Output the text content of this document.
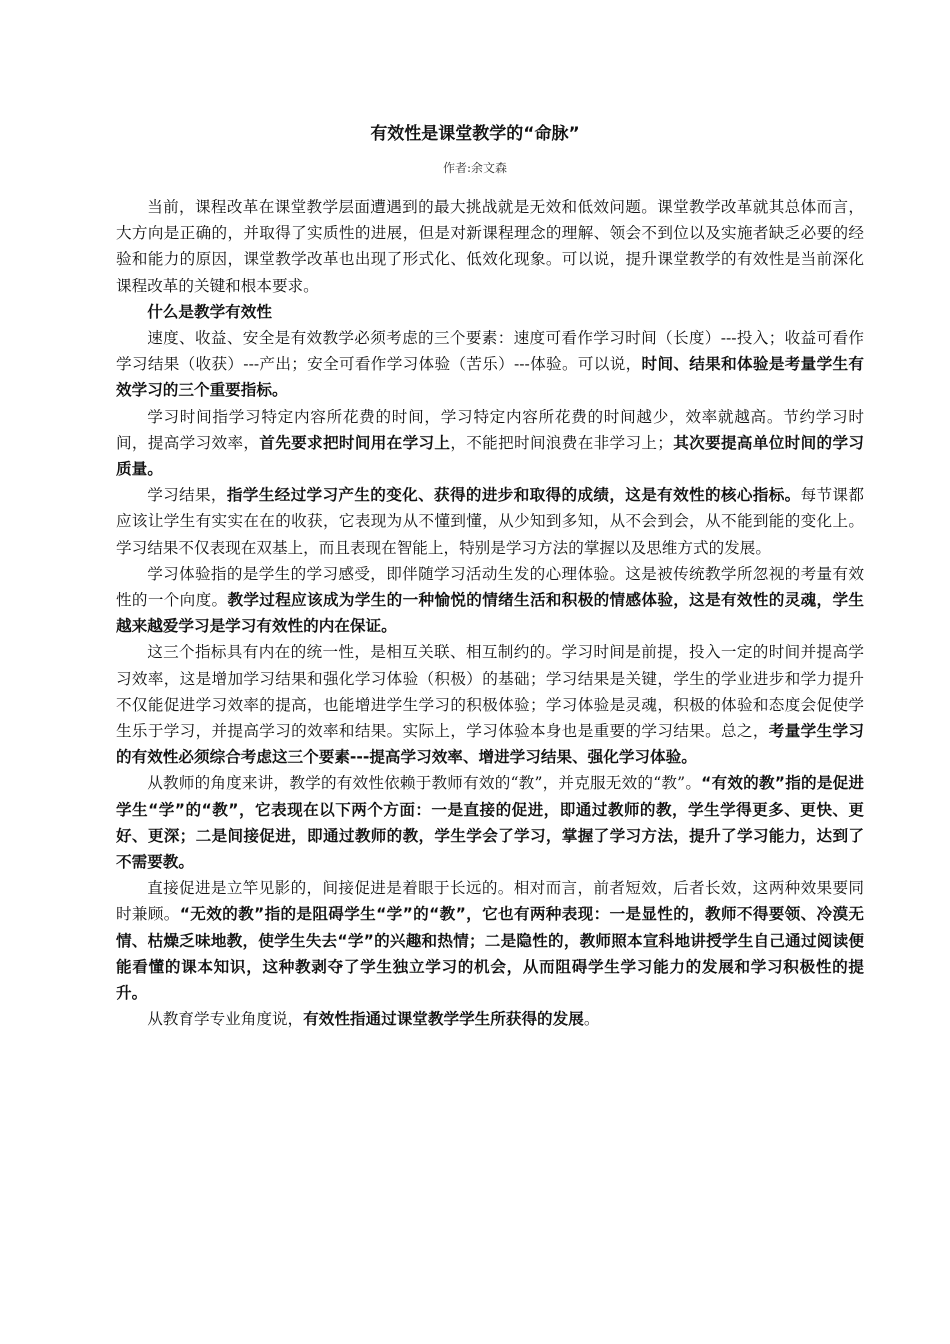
有效性是课堂教学的“命脉”
作者:余文森

当前，课程改革在课堂教学层面遭遇到的最大挑战就是无效和低效问题。课堂教学改革就其总体而言，大方向是正确的，并取得了实质性的进展，但是对新课程理念的理解、领会不到位以及实施者缺乏必要的经验和能力的原因，课堂教学改革也出现了形式化、低效化现象。可以说，提升课堂教学的有效性是当前深化课程改革的关键和根本要求。

什么是教学有效性

速度、收益、安全是有效教学必须考虑的三个要素：速度可看作学习时间（长度）---投入；收益可看作学习结果（收获）---产出；安全可看作学习体验（苦乐）---体验。可以说，时间、结果和体验是考量学生有效学习的三个重要指标。

学习时间指学习特定内容所花费的时间，学习特定内容所花费的时间越少，效率就越高。节约学习时间，提高学习效率，首先要求把时间用在学习上，不能把时间浪费在非学习上；其次要提高单位时间的学习质量。

学习结果，指学生经过学习产生的变化、获得的进步和取得的成绩，这是有效性的核心指标。每节课都应该让学生有实实在在的收获，它表现为从不懂到懂，从少知到多知，从不会到会，从不能到能的变化上。学习结果不仅表现在双基上，而且表现在智能上，特别是学习方法的掌握以及思维方式的发展。

学习体验指的是学生的学习感受，即伴随学习活动生发的心理体验。这是被传统教学所忽视的考量有效性的一个向度。教学过程应该成为学生的一种愉悦的情绪生活和积极的情感体验，这是有效性的灵魂，学生越来越爱学习是学习有效性的内在保证。

这三个指标具有内在的统一性，是相互关联、相互制约的。学习时间是前提，投入一定的时间并提高学习效率，这是增加学习结果和强化学习体验（积极）的基础；学习结果是关键，学生的学业进步和学力提升不仅能促进学习效率的提高，也能增进学生学习的积极体验；学习体验是灵魂，积极的体验和态度会促使学生乐于学习，并提高学习的效率和结果。实际上，学习体验本身也是重要的学习结果。总之，考量学生学习的有效性必须综合考虑这三个要素---提高学习效率、增进学习结果、强化学习体验。

从教师的角度来讲，教学的有效性依赖于教师有效的“教”，并克服无效的“教”。“有效的教”指的是促进学生“学”的“教”，它表现在以下两个方面：一是直接的促进，即通过教师的教，学生学得更多、更快、更好、更深；二是间接促进，即通过教师的教，学生学会了学习，掌握了学习方法，提升了学习能力，达到了不需要教。

直接促进是立竿见影的，间接促进是着眼于长远的。相对而言，前者短效，后者长效，这两种效果要同时兼顾。“无效的教”指的是阻碍学生“学”的“教”，它也有两种表现：一是显性的，教师不得要领、冷漠无情、枯燥乏味地教，使学生失去“学”的兴趣和热情；二是隐性的，教师照本宣科地讲授学生自己通过阅读便能看懂的课本知识，这种教剥夺了学生独立学习的机会，从而阻碍学生学习能力的发展和学习积极性的提升。

从教育学专业角度说，有效性指通过课堂教学学生所获得的发展。
